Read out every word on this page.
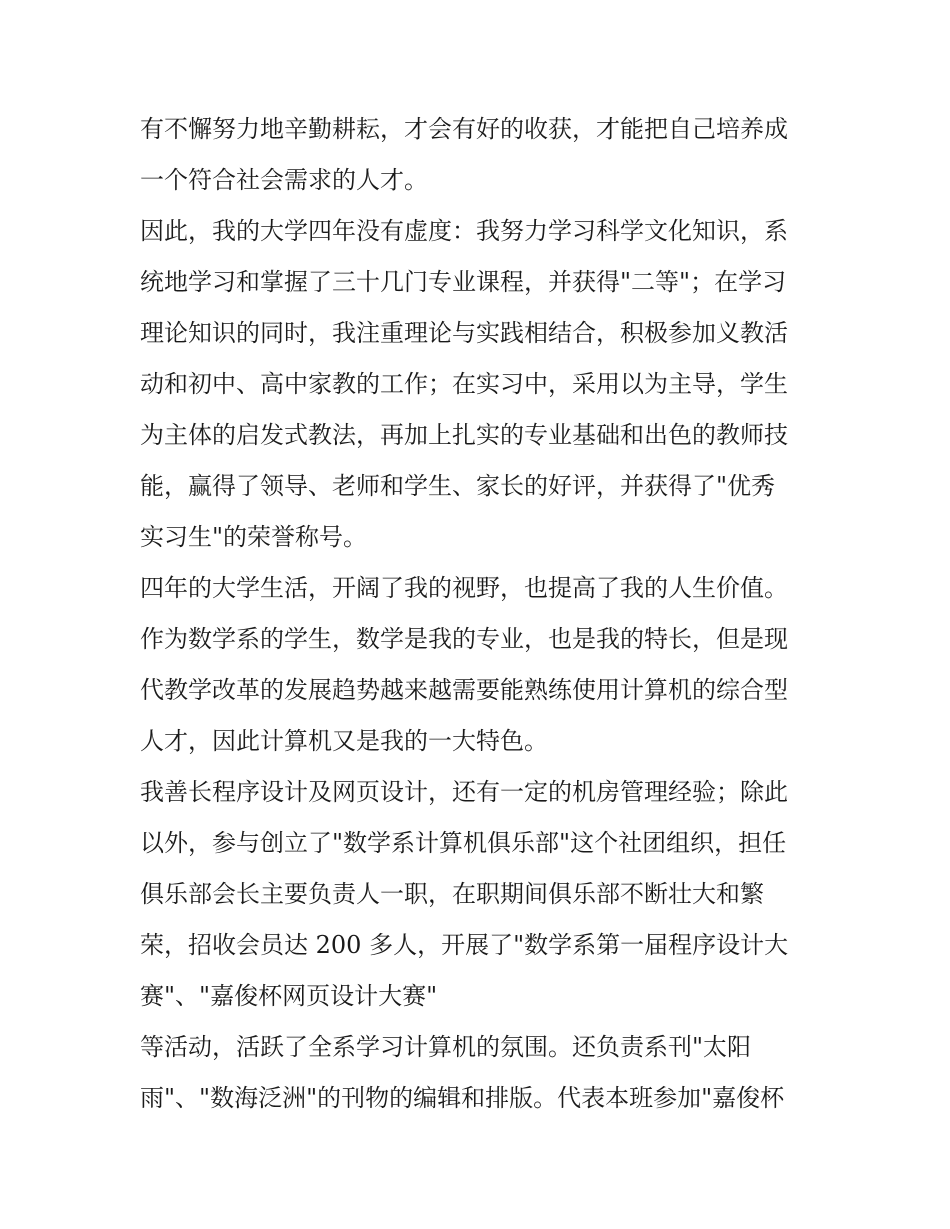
有不懈努力地辛勤耕耘，才会有好的收获，才能把自己培养成
一个符合社会需求的人才。

因此，我的大学四年没有虚度：我努力学习科学文化知识，系
统地学习和掌握了三十几门专业课程，并获得"二等"；在学习
理论知识的同时，我注重理论与实践相结合，积极参加义教活
动和初中、高中家教的工作；在实习中，采用以为主导，学生
为主体的启发式教法，再加上扎实的专业基础和出色的教师技
能，赢得了领导、老师和学生、家长的好评，并获得了"优秀
实习生"的荣誉称号。

四年的大学生活，开阔了我的视野，也提高了我的人生价值。
作为数学系的学生，数学是我的专业，也是我的特长，但是现
代教学改革的发展趋势越来越需要能熟练使用计算机的综合型
人才，因此计算机又是我的一大特色。

我善长程序设计及网页设计，还有一定的机房管理经验；除此
以外，参与创立了"数学系计算机俱乐部"这个社团组织，担任
俱乐部会长主要负责人一职，在职期间俱乐部不断壮大和繁
荣，招收会员达 200 多人，开展了"数学系第一届程序设计大
赛"、"嘉俊杯网页设计大赛"

等活动，活跃了全系学习计算机的氛围。还负责系刊"太阳
雨"、"数海泛洲"的刊物的编辑和排版。代表本班参加"嘉俊杯
